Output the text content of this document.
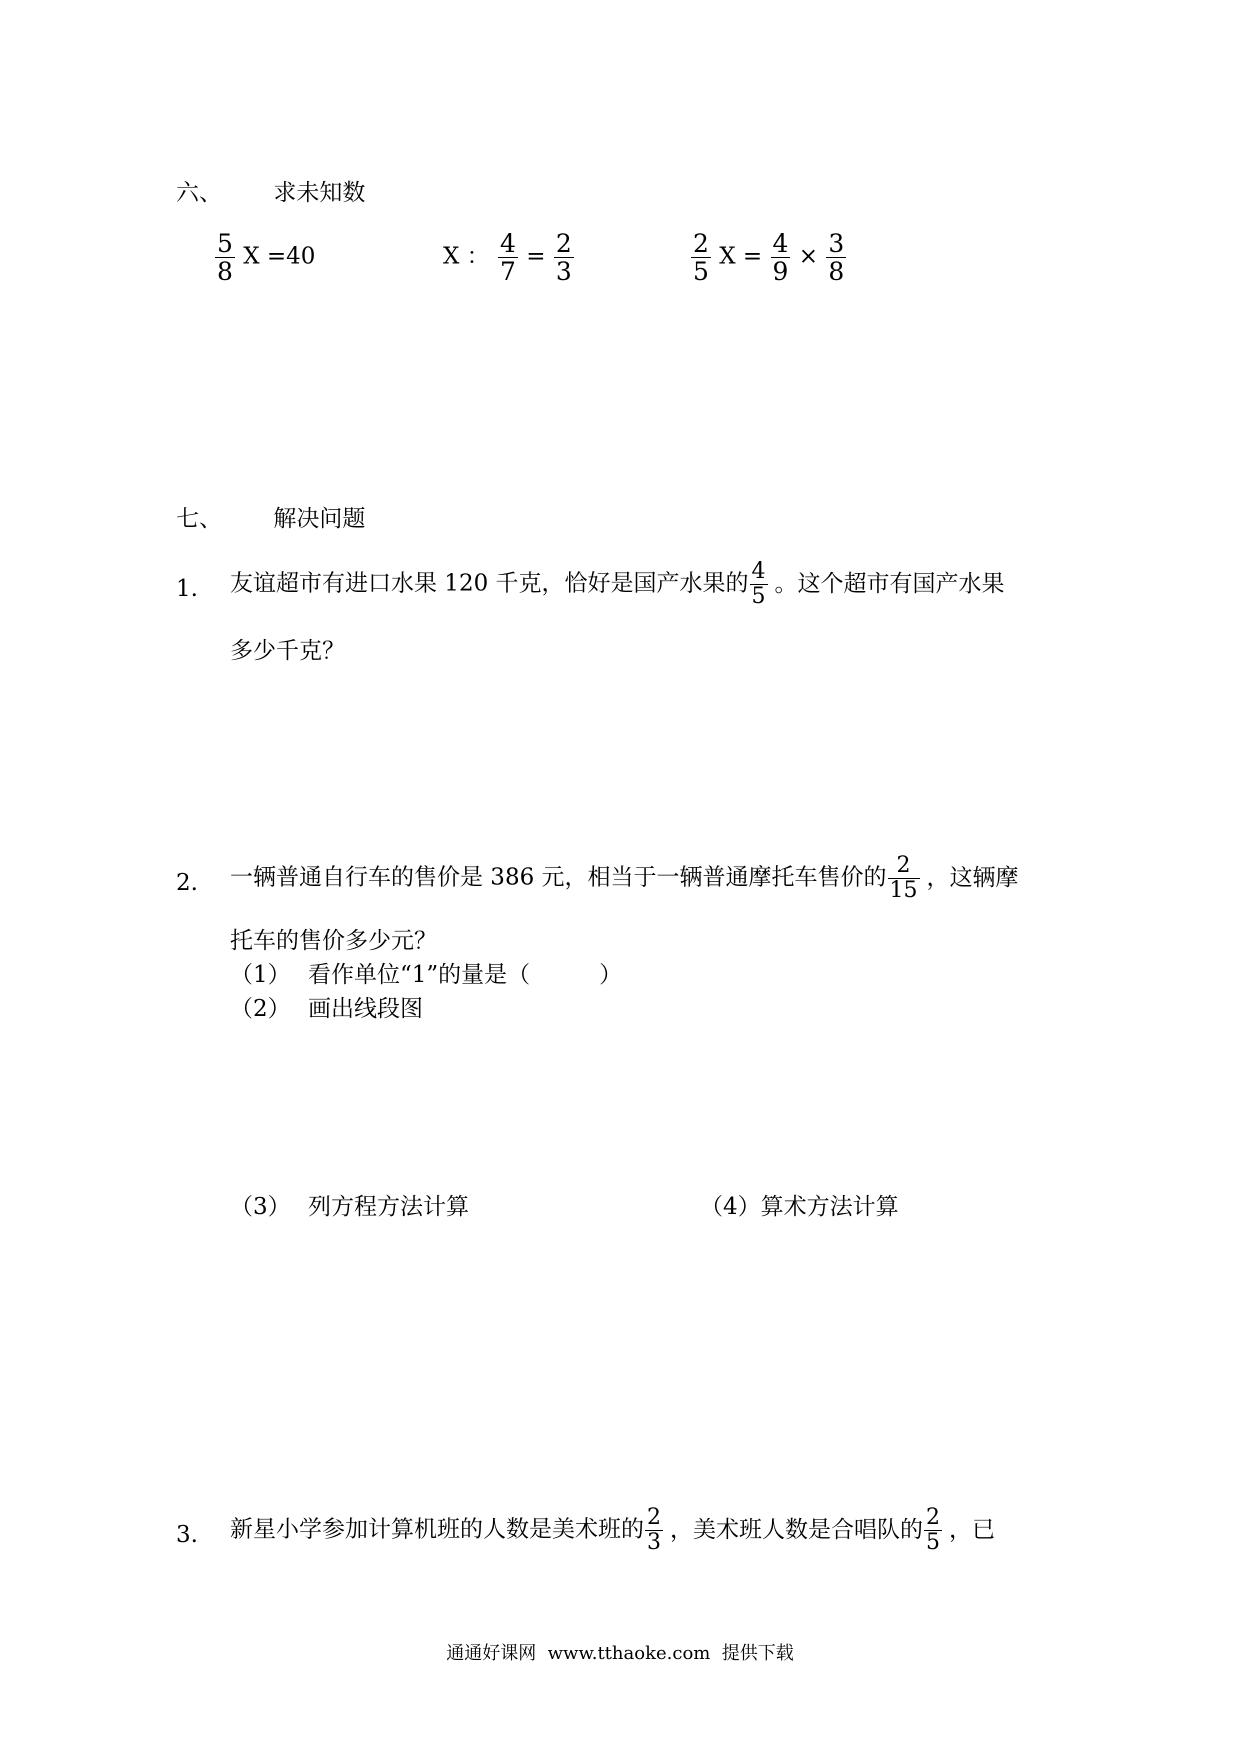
六、 求未知数
$\frac{5}{8}$ X =40	X ： $\frac{4}{7} = \frac{2}{3}$	$\frac{2}{5}$ $X = \frac{4}{9} \times \frac{3}{8}$
七、 解决问题
1. 友谊超市有进口水果 120 千克，恰好是国产水果的 $\frac{4}{5}$ 。这个超市有国产水果
多少千克？
2. 一辆普通自行车的售价是 386 元，相当于一辆普通摩托车售价的 $\frac{2}{15}$ ，这辆摩
托车的售价多少元？
（1） 看作单位“1”的量是（　　　）
（2） 画出线段图
（3） 列方程方法计算	（4）算术方法计算
3. 新星小学参加计算机班的人数是美术班的 $\frac{2}{3}$ ，美术班人数是合唱队的 $\frac{2}{5}$ ，已
通通好课网  www.tthaoke.com  提供下载
